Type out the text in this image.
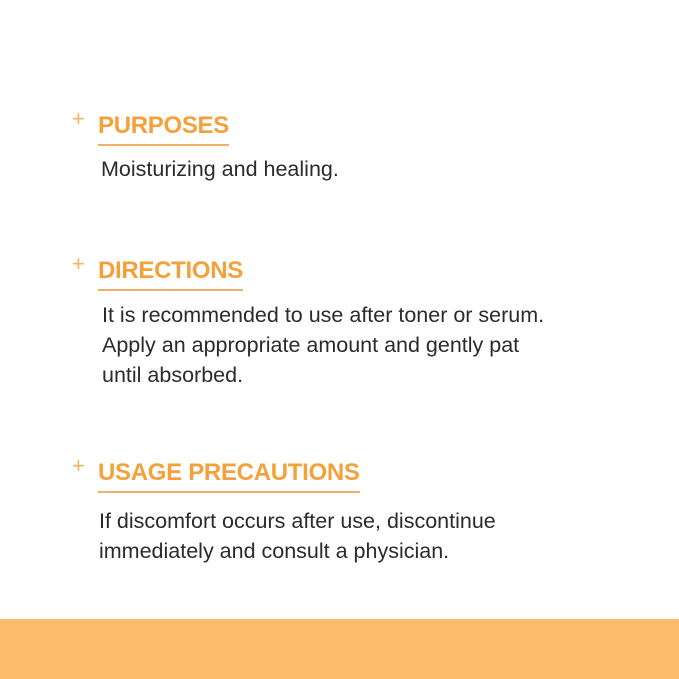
+ PURPOSES
Moisturizing and healing.
+ DIRECTIONS
It is recommended to use after toner or serum.
Apply an appropriate amount and gently pat
until absorbed.
+ USAGE PRECAUTIONS
If discomfort occurs after use, discontinue
immediately and consult a physician.
